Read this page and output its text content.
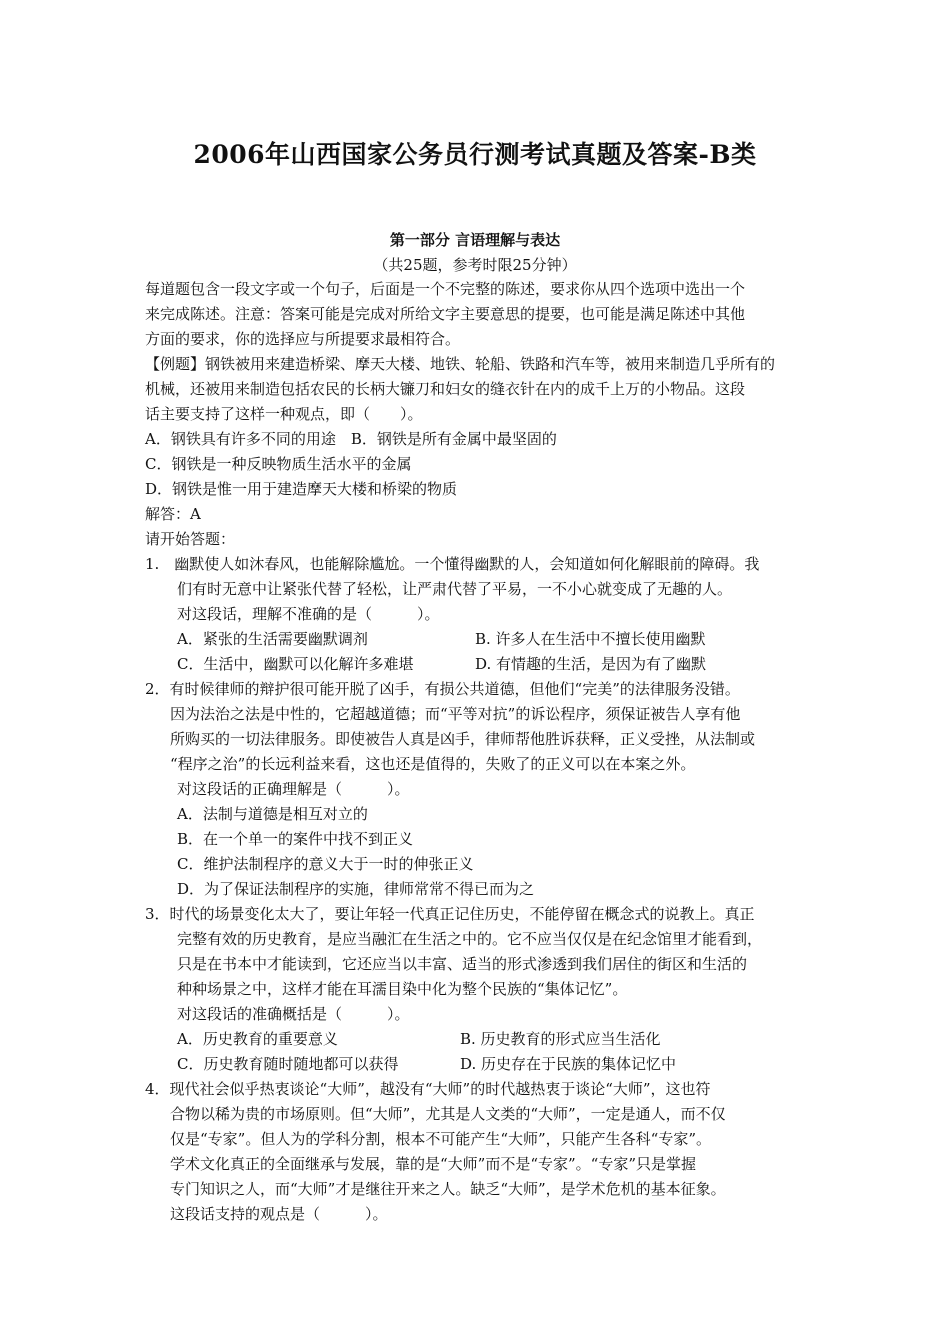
2006年山西国家公务员行测考试真题及答案-B类
第一部分 言语理解与表达
（共25题，参考时限25分钟）
每道题包含一段文字或一个句子，后面是一个不完整的陈述，要求你从四个选项中选出一个
来完成陈述。注意：答案可能是完成对所给文字主要意思的提要，也可能是满足陈述中其他
方面的要求，你的选择应与所提要求最相符合。
【例题】钢铁被用来建造桥梁、摩天大楼、地铁、轮船、铁路和汽车等，被用来制造几乎所有的
机械，还被用来制造包括农民的长柄大镰刀和妇女的缝衣针在内的成千上万的小物品。这段
话主要支持了这样一种观点，即（　　）。
A．钢铁具有许多不同的用途　B．钢铁是所有金属中最坚固的
C．钢铁是一种反映物质生活水平的金属
D．钢铁是惟一用于建造摩天大楼和桥梁的物质
解答：A
请开始答题：
1.　幽默使人如沐春风，也能解除尴尬。一个懂得幽默的人，会知道如何化解眼前的障碍。我
们有时无意中让紧张代替了轻松，让严肃代替了平易，一不小心就变成了无趣的人。
对这段话，理解不准确的是（　　　）。
A．紧张的生活需要幽默调剂	B. 许多人在生活中不擅长使用幽默
C．生活中，幽默可以化解许多难堪	D. 有情趣的生活，是因为有了幽默
2．有时候律师的辩护很可能开脱了凶手，有损公共道德，但他们“完美”的法律服务没错。
因为法治之法是中性的，它超越道德；而“平等对抗”的诉讼程序，须保证被告人享有他
所购买的一切法律服务。即使被告人真是凶手，律师帮他胜诉获释，正义受挫，从法制或
“程序之治”的长远利益来看，这也还是值得的，失败了的正义可以在本案之外。
对这段话的正确理解是（　　　）。
A．法制与道德是相互对立的
B．在一个单一的案件中找不到正义
C．维护法制程序的意义大于一时的伸张正义
D．为了保证法制程序的实施，律师常常不得已而为之
3．时代的场景变化太大了，要让年轻一代真正记住历史，不能停留在概念式的说教上。真正
完整有效的历史教育，是应当融汇在生活之中的。它不应当仅仅是在纪念馆里才能看到，
只是在书本中才能读到，它还应当以丰富、适当的形式渗透到我们居住的街区和生活的
种种场景之中，这样才能在耳濡目染中化为整个民族的“集体记忆”。
对这段话的准确概括是（　　　）。
A．历史教育的重要意义	B. 历史教育的形式应当生活化
C．历史教育随时随地都可以获得	D. 历史存在于民族的集体记忆中
4．现代社会似乎热衷谈论“大师”，越没有“大师”的时代越热衷于谈论“大师”，这也符
合物以稀为贵的市场原则。但“大师”，尤其是人文类的“大师”，一定是通人，而不仅
仅是“专家”。但人为的学科分割，根本不可能产生“大师”，只能产生各科“专家”。
学术文化真正的全面继承与发展，靠的是“大师”而不是“专家”。“专家”只是掌握
专门知识之人，而“大师”才是继往开来之人。缺乏“大师”，是学术危机的基本征象。
这段话支持的观点是（　　　）。
